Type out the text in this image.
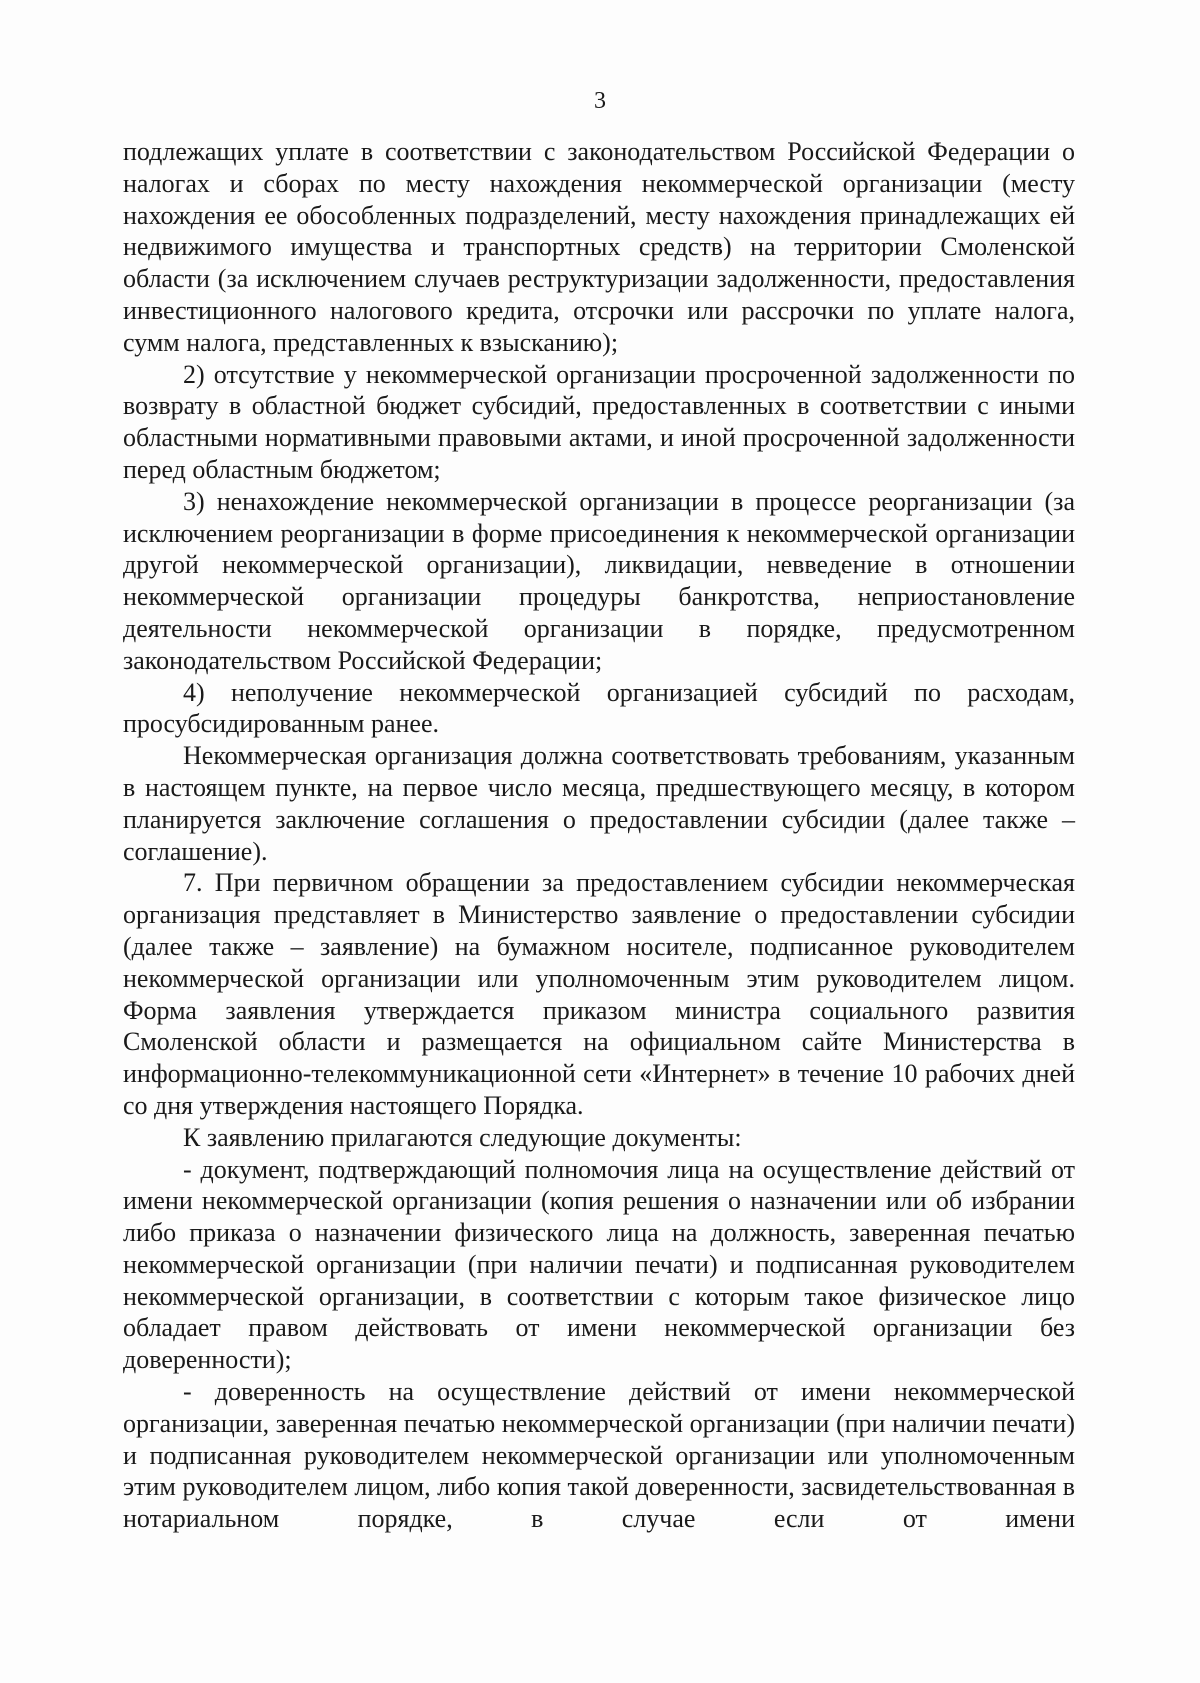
3

подлежащих уплате в соответствии с законодательством Российской Федерации о налогах и сборах по месту нахождения некоммерческой организации (месту нахождения ее обособленных подразделений, месту нахождения принадлежащих ей недвижимого имущества и транспортных средств) на территории Смоленской области (за исключением случаев реструктуризации задолженности, предоставления инвестиционного налогового кредита, отсрочки или рассрочки по уплате налога, сумм налога, представленных к взысканию);

2) отсутствие у некоммерческой организации просроченной задолженности по возврату в областной бюджет субсидий, предоставленных в соответствии с иными областными нормативными правовыми актами, и иной просроченной задолженности перед областным бюджетом;

3) ненахождение некоммерческой организации в процессе реорганизации (за исключением реорганизации в форме присоединения к некоммерческой организации другой некоммерческой организации), ликвидации, невведение в отношении некоммерческой организации процедуры банкротства, неприостановление деятельности некоммерческой организации в порядке, предусмотренном законодательством Российской Федерации;

4) неполучение некоммерческой организацией субсидий по расходам, просубсидированным ранее.

Некоммерческая организация должна соответствовать требованиям, указанным в настоящем пункте, на первое число месяца, предшествующего месяцу, в котором планируется заключение соглашения о предоставлении субсидии (далее также – соглашение).

7. При первичном обращении за предоставлением субсидии некоммерческая организация представляет в Министерство заявление о предоставлении субсидии (далее также – заявление) на бумажном носителе, подписанное руководителем некоммерческой организации или уполномоченным этим руководителем лицом. Форма заявления утверждается приказом министра социального развития Смоленской области и размещается на официальном сайте Министерства в информационно-телекоммуникационной сети «Интернет» в течение 10 рабочих дней со дня утверждения настоящего Порядка.

К заявлению прилагаются следующие документы:

- документ, подтверждающий полномочия лица на осуществление действий от имени некоммерческой организации (копия решения о назначении или об избрании либо приказа о назначении физического лица на должность, заверенная печатью некоммерческой организации (при наличии печати) и подписанная руководителем некоммерческой организации, в соответствии с которым такое физическое лицо обладает правом действовать от имени некоммерческой организации без доверенности);

- доверенность на осуществление действий от имени некоммерческой организации, заверенная печатью некоммерческой организации (при наличии печати) и подписанная руководителем некоммерческой организации или уполномоченным этим руководителем лицом, либо копия такой доверенности, засвидетельствованная в нотариальном порядке, в случае если от имени
